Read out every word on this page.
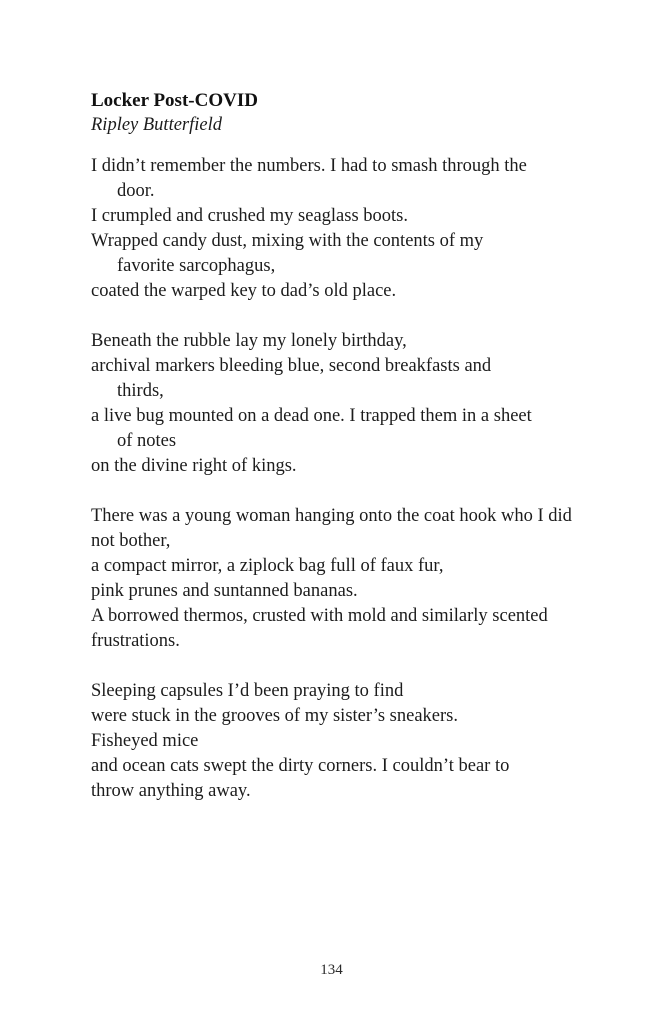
Locker Post-COVID
Ripley Butterfield
I didn’t remember the numbers. I had to smash through the
door.
I crumpled and crushed my seaglass boots.
Wrapped candy dust, mixing with the contents of my
favorite sarcophagus,
coated the warped key to dad’s old place.
Beneath the rubble lay my lonely birthday,
archival markers bleeding blue, second breakfasts and
thirds,
a live bug mounted on a dead one. I trapped them in a sheet
of notes
on the divine right of kings.
There was a young woman hanging onto the coat hook who I did
not bother,
a compact mirror, a ziplock bag full of faux fur,
pink prunes and suntanned bananas.
A borrowed thermos, crusted with mold and similarly scented
frustrations.
Sleeping capsules I’d been praying to find
were stuck in the grooves of my sister’s sneakers.
Fisheyed mice
and ocean cats swept the dirty corners. I couldn’t bear to
throw anything away.
134
